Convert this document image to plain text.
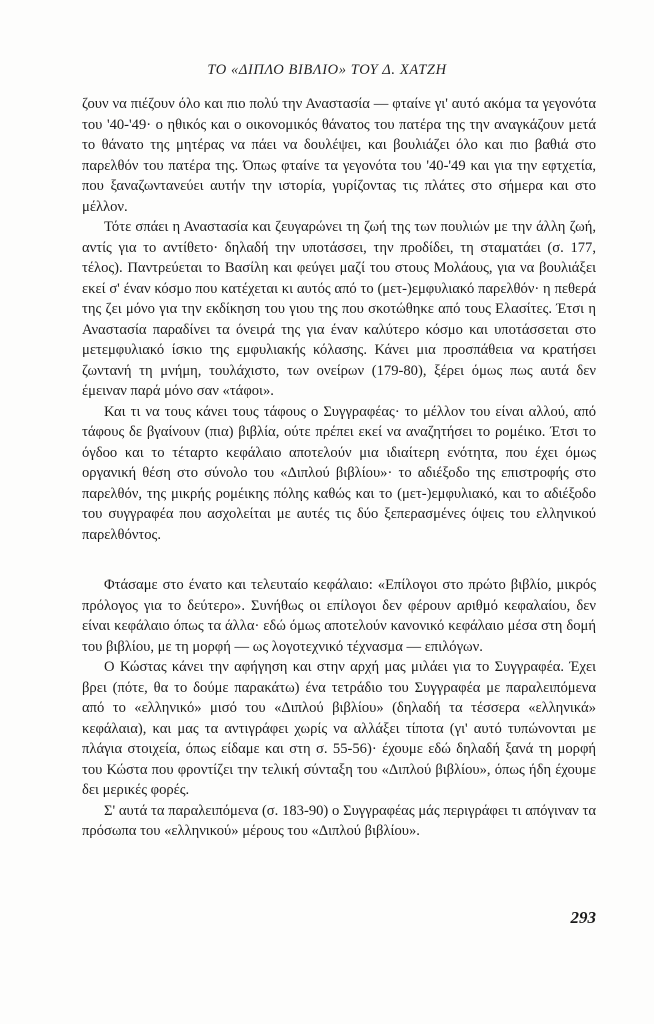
ΤΟ «ΔΙΠΛΟ ΒΙΒΛΙΟ» ΤΟΥ Δ. ΧΑΤΖΗ

ζουν να πιέζουν όλο και πιο πολύ την Αναστασία — φταίνε γι' αυτό ακόμα τα γεγονότα του '40-'49· ο ηθικός και ο οικονομικός θάνατος του πατέρα της την αναγκάζουν μετά το θάνατο της μητέρας να πάει να δουλέψει, και βουλιάζει όλο και πιο βαθιά στο παρελθόν του πατέρα της. Όπως φταίνε τα γεγονότα του '40-'49 και για την εφτχετία, που ξαναζωντανεύει αυτήν την ιστορία, γυρίζοντας τις πλάτες στο σήμερα και στο μέλλον.

Τότε σπάει η Αναστασία και ζευγαρώνει τη ζωή της των πουλιών με την άλλη ζωή, αντίς για το αντίθετο· δηλαδή την υποτάσσει, την προδίδει, τη σταματάει (σ. 177, τέλος). Παντρεύεται το Βασίλη και φεύγει μαζί του στους Μολάους, για να βουλιάξει εκεί σ' έναν κόσμο που κατέχεται κι αυτός από το (μετ-)εμφυλιακό παρελθόν· η πεθερά της ζει μόνο για την εκδίκηση του γιου της που σκοτώθηκε από τους Ελασίτες. Έτσι η Αναστασία παραδίνει τα όνειρά της για έναν καλύτερο κόσμο και υποτάσσεται στο μετεμφυλιακό ίσκιο της εμφυλιακής κόλασης. Κάνει μια προσπάθεια να κρατήσει ζωντανή τη μνήμη, τουλάχιστο, των ονείρων (179-80), ξέρει όμως πως αυτά δεν έμειναν παρά μόνο σαν «τάφοι».

Και τι να τους κάνει τους τάφους ο Συγγραφέας· το μέλλον του είναι αλλού, από τάφους δε βγαίνουν (πια) βιβλία, ούτε πρέπει εκεί να αναζητήσει το ρομέικο. Έτσι το όγδοο και το τέταρτο κεφάλαιο αποτελούν μια ιδιαίτερη ενότητα, που έχει όμως οργανική θέση στο σύνολο του «Διπλού βιβλίου»· το αδιέξοδο της επιστροφής στο παρελθόν, της μικρής ρομέικης πόλης καθώς και το (μετ-)εμφυλιακό, και το αδιέξοδο του συγγραφέα που ασχολείται με αυτές τις δύο ξεπερασμένες όψεις του ελληνικού παρελθόντος.

Φτάσαμε στο ένατο και τελευταίο κεφάλαιο: «Επίλογοι στο πρώτο βιβλίο, μικρός πρόλογος για το δεύτερο». Συνήθως οι επίλογοι δεν φέρουν αριθμό κεφαλαίου, δεν είναι κεφάλαιο όπως τα άλλα· εδώ όμως αποτελούν κανονικό κεφάλαιο μέσα στη δομή του βιβλίου, με τη μορφή — ως λογοτεχνικό τέχνασμα — επιλόγων.

Ο Κώστας κάνει την αφήγηση και στην αρχή μας μιλάει για το Συγγραφέα. Έχει βρει (πότε, θα το δούμε παρακάτω) ένα τετράδιο του Συγγραφέα με παραλειπόμενα από το «ελληνικό» μισό του «Διπλού βιβλίου» (δηλαδή τα τέσσερα «ελληνικά» κεφάλαια), και μας τα αντιγράφει χωρίς να αλλάξει τίποτα (γι' αυτό τυπώνονται με πλάγια στοιχεία, όπως είδαμε και στη σ. 55-56)· έχουμε εδώ δηλαδή ξανά τη μορφή του Κώστα που φροντίζει την τελική σύνταξη του «Διπλού βιβλίου», όπως ήδη έχουμε δει μερικές φορές.

Σ' αυτά τα παραλειπόμενα (σ. 183-90) ο Συγγραφέας μάς περιγράφει τι απόγιναν τα πρόσωπα του «ελληνικού» μέρους του «Διπλού βιβλίου».

293
